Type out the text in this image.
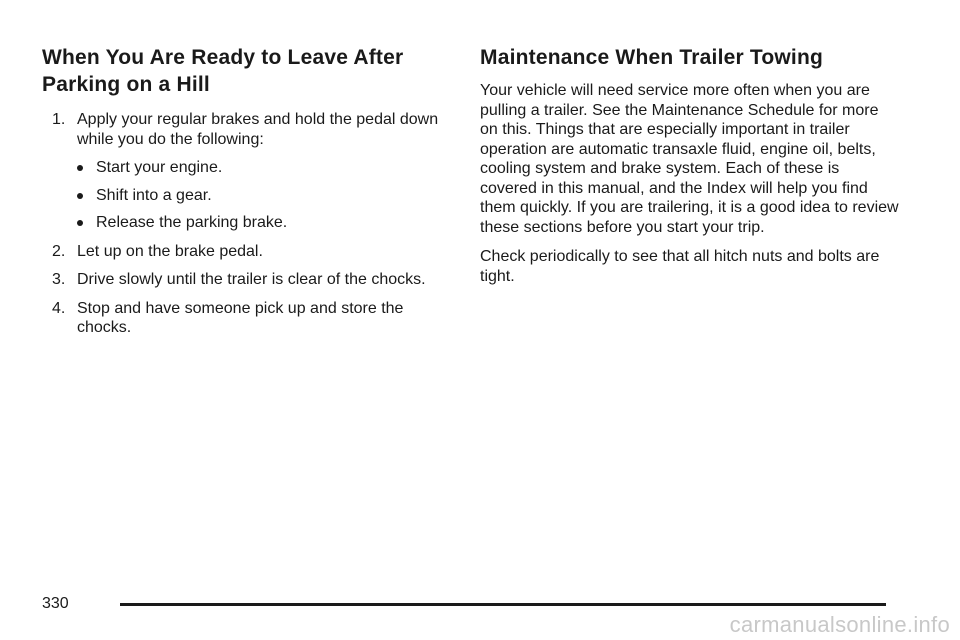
When You Are Ready to Leave After
Parking on a Hill
1. Apply your regular brakes and hold the pedal down while you do the following:
Start your engine.
Shift into a gear.
Release the parking brake.
2. Let up on the brake pedal.
3. Drive slowly until the trailer is clear of the chocks.
4. Stop and have someone pick up and store the chocks.
Maintenance When Trailer Towing

Your vehicle will need service more often when you are pulling a trailer. See the Maintenance Schedule for more on this. Things that are especially important in trailer operation are automatic transaxle fluid, engine oil, belts, cooling system and brake system. Each of these is covered in this manual, and the Index will help you find them quickly. If you are trailering, it is a good idea to review these sections before you start your trip.

Check periodically to see that all hitch nuts and bolts are tight.

330
carmanualsonline.info
